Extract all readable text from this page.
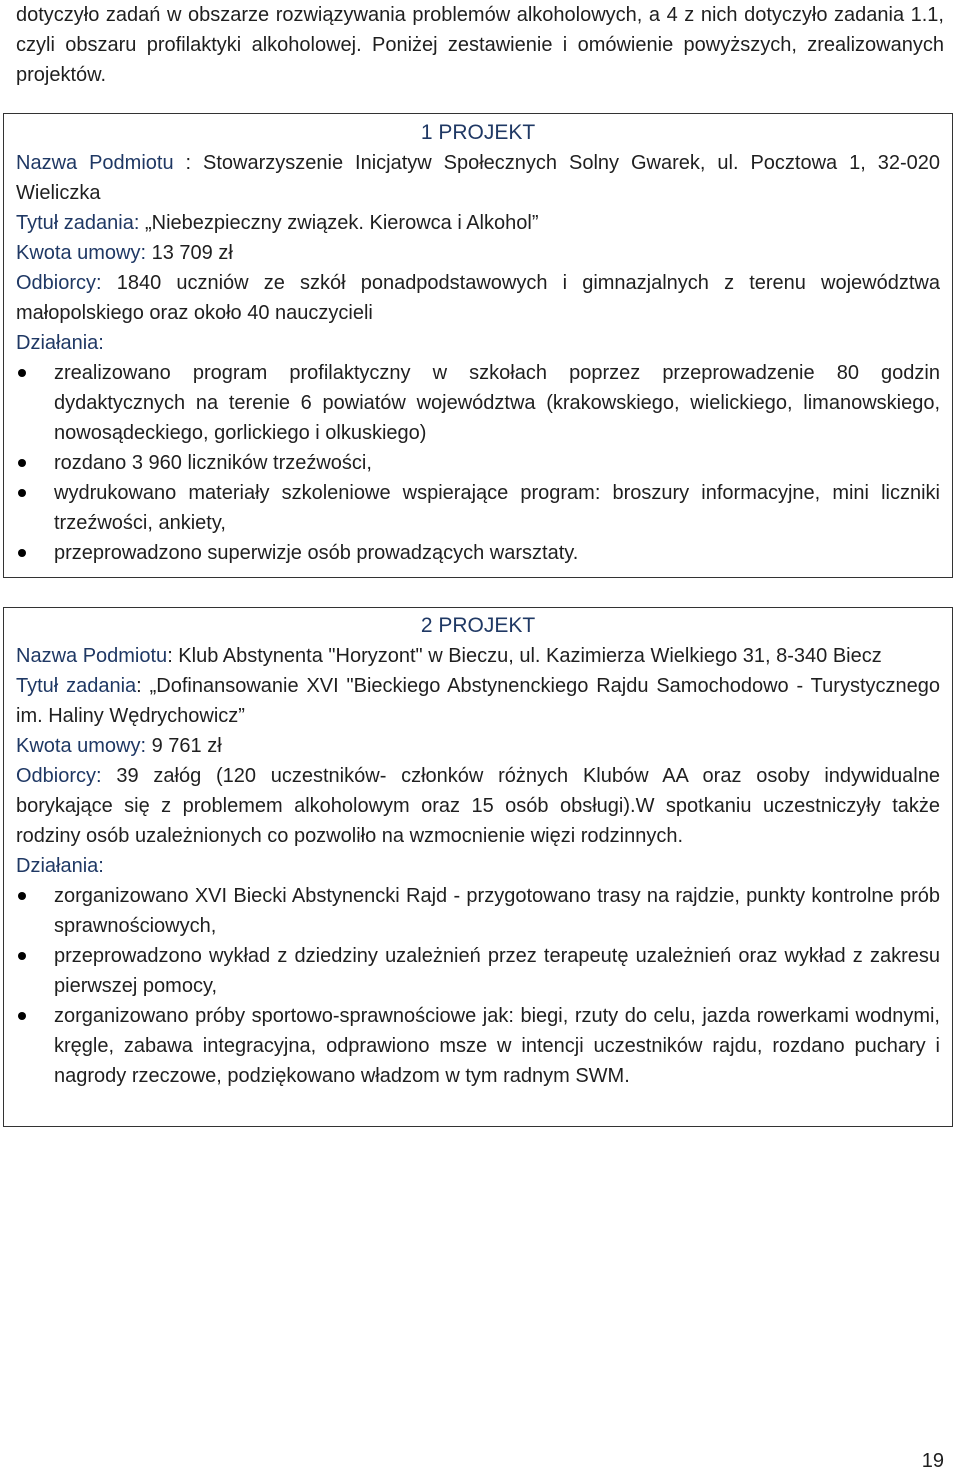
dotyczyło zadań w obszarze rozwiązywania problemów alkoholowych, a 4 z nich dotyczyło zadania 1.1, czyli obszaru profilaktyki alkoholowej. Poniżej zestawienie i omówienie powyższych, zrealizowanych projektów.

1 PROJEKT

Nazwa Podmiotu : Stowarzyszenie Inicjatyw Społecznych Solny Gwarek, ul. Pocztowa 1, 32-020 Wieliczka

Tytuł zadania: „Niebezpieczny związek. Kierowca i Alkohol”

Kwota umowy: 13 709 zł

Odbiorcy: 1840 uczniów ze szkół ponadpodstawowych i gimnazjalnych z terenu województwa małopolskiego oraz około 40 nauczycieli

Działania:

zrealizowano program profilaktyczny w szkołach poprzez przeprowadzenie 80 godzin dydaktycznych na terenie 6 powiatów województwa (krakowskiego, wielickiego, limanowskiego, nowosądeckiego, gorlickiego i olkuskiego)
rozdano 3 960 liczników trzeźwości,
wydrukowano materiały szkoleniowe wspierające program: broszury informacyjne, mini liczniki trzeźwości, ankiety,
przeprowadzono superwizje osób prowadzących warsztaty.
2 PROJEKT

Nazwa Podmiotu: Klub Abstynenta "Horyzont" w Bieczu, ul. Kazimierza Wielkiego 31, 8-340 Biecz

Tytuł zadania: „Dofinansowanie XVI "Bieckiego Abstynenckiego Rajdu Samochodowo - Turystycznego im. Haliny Wędrychowicz”

Kwota umowy: 9 761 zł

Odbiorcy: 39 załóg (120 uczestników- członków różnych Klubów AA oraz osoby indywidualne borykające się z problemem alkoholowym oraz 15 osób obsługi).W spotkaniu uczestniczyły także rodziny osób uzależnionych co pozwoliło na wzmocnienie więzi rodzinnych.

Działania:

zorganizowano XVI Biecki Abstynencki Rajd - przygotowano trasy na rajdzie, punkty kontrolne prób sprawnościowych,
przeprowadzono wykład z dziedziny uzależnień przez terapeutę uzależnień oraz wykład z zakresu pierwszej pomocy,
zorganizowano próby sportowo-sprawnościowe jak: biegi, rzuty do celu, jazda rowerkami wodnymi, kręgle, zabawa integracyjna, odprawiono msze w intencji uczestników rajdu, rozdano puchary i nagrody rzeczowe, podziękowano władzom w tym radnym SWM.
19
